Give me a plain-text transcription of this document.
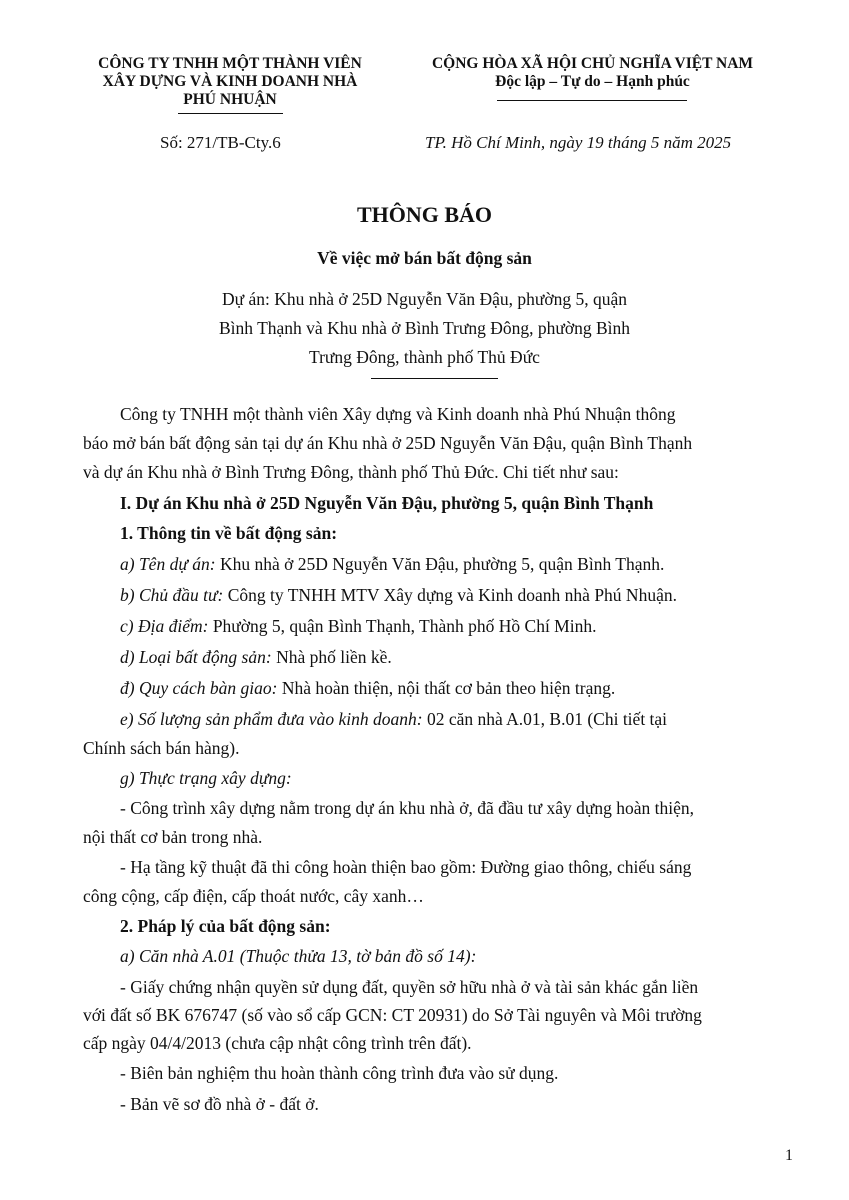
CÔNG TY TNHH MỘT THÀNH VIÊN
XÂY DỰNG VÀ KINH DOANH NHÀ
PHÚ NHUẬN
CỘNG HÒA XÃ HỘI CHỦ NGHĨA VIỆT NAM
Độc lập – Tự do – Hạnh phúc
Số: 271/TB-Cty.6	TP. Hồ Chí Minh, ngày 19 tháng 5 năm 2025
THÔNG BÁO
Về việc mở bán bất động sản
Dự án: Khu nhà ở 25D Nguyễn Văn Đậu, phường 5, quận
Bình Thạnh và Khu nhà ở Bình Trưng Đông, phường Bình
Trưng Đông, thành phố Thủ Đức
Công ty TNHH một thành viên Xây dựng và Kinh doanh nhà Phú Nhuận thông
báo mở bán bất động sản tại dự án Khu nhà ở 25D Nguyễn Văn Đậu, quận Bình Thạnh
và dự án Khu nhà ở Bình Trưng Đông, thành phố Thủ Đức. Chi tiết như sau:
I. Dự án Khu nhà ở 25D Nguyễn Văn Đậu, phường 5, quận Bình Thạnh
1. Thông tin về bất động sản:
a) Tên dự án: Khu nhà ở 25D Nguyễn Văn Đậu, phường 5, quận Bình Thạnh.
b) Chủ đầu tư: Công ty TNHH MTV Xây dựng và Kinh doanh nhà Phú Nhuận.
c) Địa điểm: Phường 5, quận Bình Thạnh, Thành phố Hồ Chí Minh.
d) Loại bất động sản: Nhà phố liền kề.
đ) Quy cách bàn giao: Nhà hoàn thiện, nội thất cơ bản theo hiện trạng.
e) Số lượng sản phẩm đưa vào kinh doanh: 02 căn nhà A.01, B.01 (Chi tiết tại
Chính sách bán hàng).
g) Thực trạng xây dựng:
- Công trình xây dựng nằm trong dự án khu nhà ở, đã đầu tư xây dựng hoàn thiện,
nội thất cơ bản trong nhà.
- Hạ tầng kỹ thuật đã thi công hoàn thiện bao gồm: Đường giao thông, chiếu sáng
công cộng, cấp điện, cấp thoát nước, cây xanh…
2. Pháp lý của bất động sản:
a) Căn nhà A.01 (Thuộc thửa 13, tờ bản đồ số 14):
- Giấy chứng nhận quyền sử dụng đất, quyền sở hữu nhà ở và tài sản khác gắn liền
với đất số BK 676747 (số vào sổ cấp GCN: CT 20931) do Sở Tài nguyên và Môi trường
cấp ngày 04/4/2013 (chưa cập nhật công trình trên đất).
- Biên bản nghiệm thu hoàn thành công trình đưa vào sử dụng.
- Bản vẽ sơ đồ nhà ở - đất ở.
1
